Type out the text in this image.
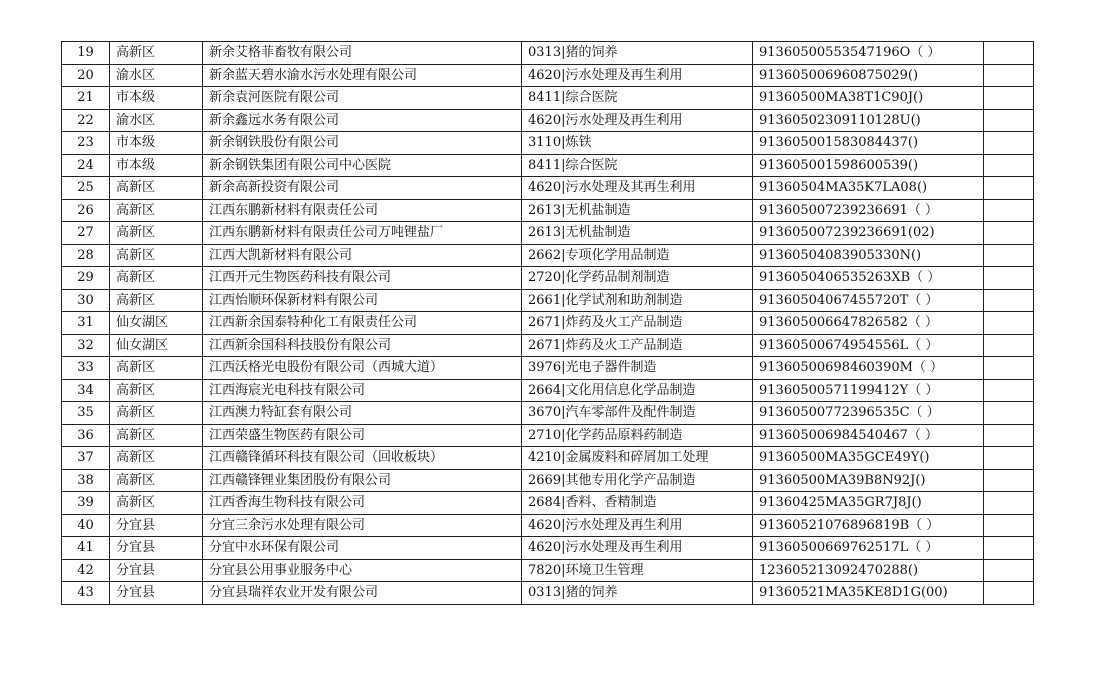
19	高新区	新余艾格菲畜牧有限公司	0313|猪的饲养	91360500553547196O（ ）	
20	渝水区	新余蓝天碧水渝水污水处理有限公司	4620|污水处理及再生利用	91360500696087502​9()	
21	市本级	新余袁河医院有限公司	8411|综合医院	91360500MA38T1C90J()	
22	渝水区	新余鑫远水务有限公司	4620|污水处理及再生利用	91360502309110128U()	
23	市本级	新余钢铁股份有限公司	3110|炼铁	913605001583084437()	
24	市本级	新余钢铁集团有限公司中心医院	8411|综合医院	913605001598600539()	
25	高新区	新余高新投资有限公司	4620|污水处理及其再生利用	91360504MA35K7LA08()	
26	高新区	江西东鹏新材料有限责任公司	2613|无机盐制造	913605007239236691（ ）	
27	高新区	江西东鹏新材料有限责任公司万吨锂盐厂	2613|无机盐制造	913605007239236691(02)	
28	高新区	江西大凯新材料有限公司	2662|专项化学用品制造	91360504083905330N()	
29	高新区	江西开元生物医药科技有限公司	2720|化学药品制剂制造	91360504065352​63XB（ ）	
30	高新区	江西怡顺环保新材料有限公司	2661|化学试剂和助剂制造	91360504067455720T（ ）	
31	仙女湖区	江西新余国泰特种化工有限责任公司	2671|炸药及火工产品制造	913605006647826582（ ）	
32	仙女湖区	江西新余国科科技股份有限公司	2671|炸药及火工产品制造	91360500674954556L（ ）	
33	高新区	江西沃格光电股份有限公司（西城大道）	3976|光电子器件制造	91360500698460390M（ ）	
34	高新区	江西海宸光电科技有限公司	2664|文化用信息化学品制造	91360500571199412Y（ ）	
35	高新区	江西澳力特缸套有限公司	3670|汽车零部件及配件制造	91360500772396535C（ ）	
36	高新区	江西荣盛生物医药有限公司	2710|化学药品原料药制造	913605006984540467（ ）	
37	高新区	江西赣锋循环科技有限公司（回收板块）	4210|金属废料和碎屑加工处理	91360500MA35GCE49Y()	
38	高新区	江西赣锋锂业集团股份有限公司	2669|其他专用化学产品制造	91360500MA39B8N92J()	
39	高新区	江西香海生物科技有限公司	2684|香料、香精制造	91360425MA35GR7J8J()	
40	分宜县	分宜三余污水处理有限公司	4620|污水处理及再生利用	91360521076896819B（ ）	
41	分宜县	分宜中水环保有限公司	4620|污水处理及再生利用	91360500669762517L（ ）	
42	分宜县	分宜县公用事业服务中心	7820|环境卫生管理	12360521309247028​8()	
43	分宜县	分宜县瑞祥农业开发有限公司	0313|猪的饲养	91360521MA35KE8D1G(00)	
